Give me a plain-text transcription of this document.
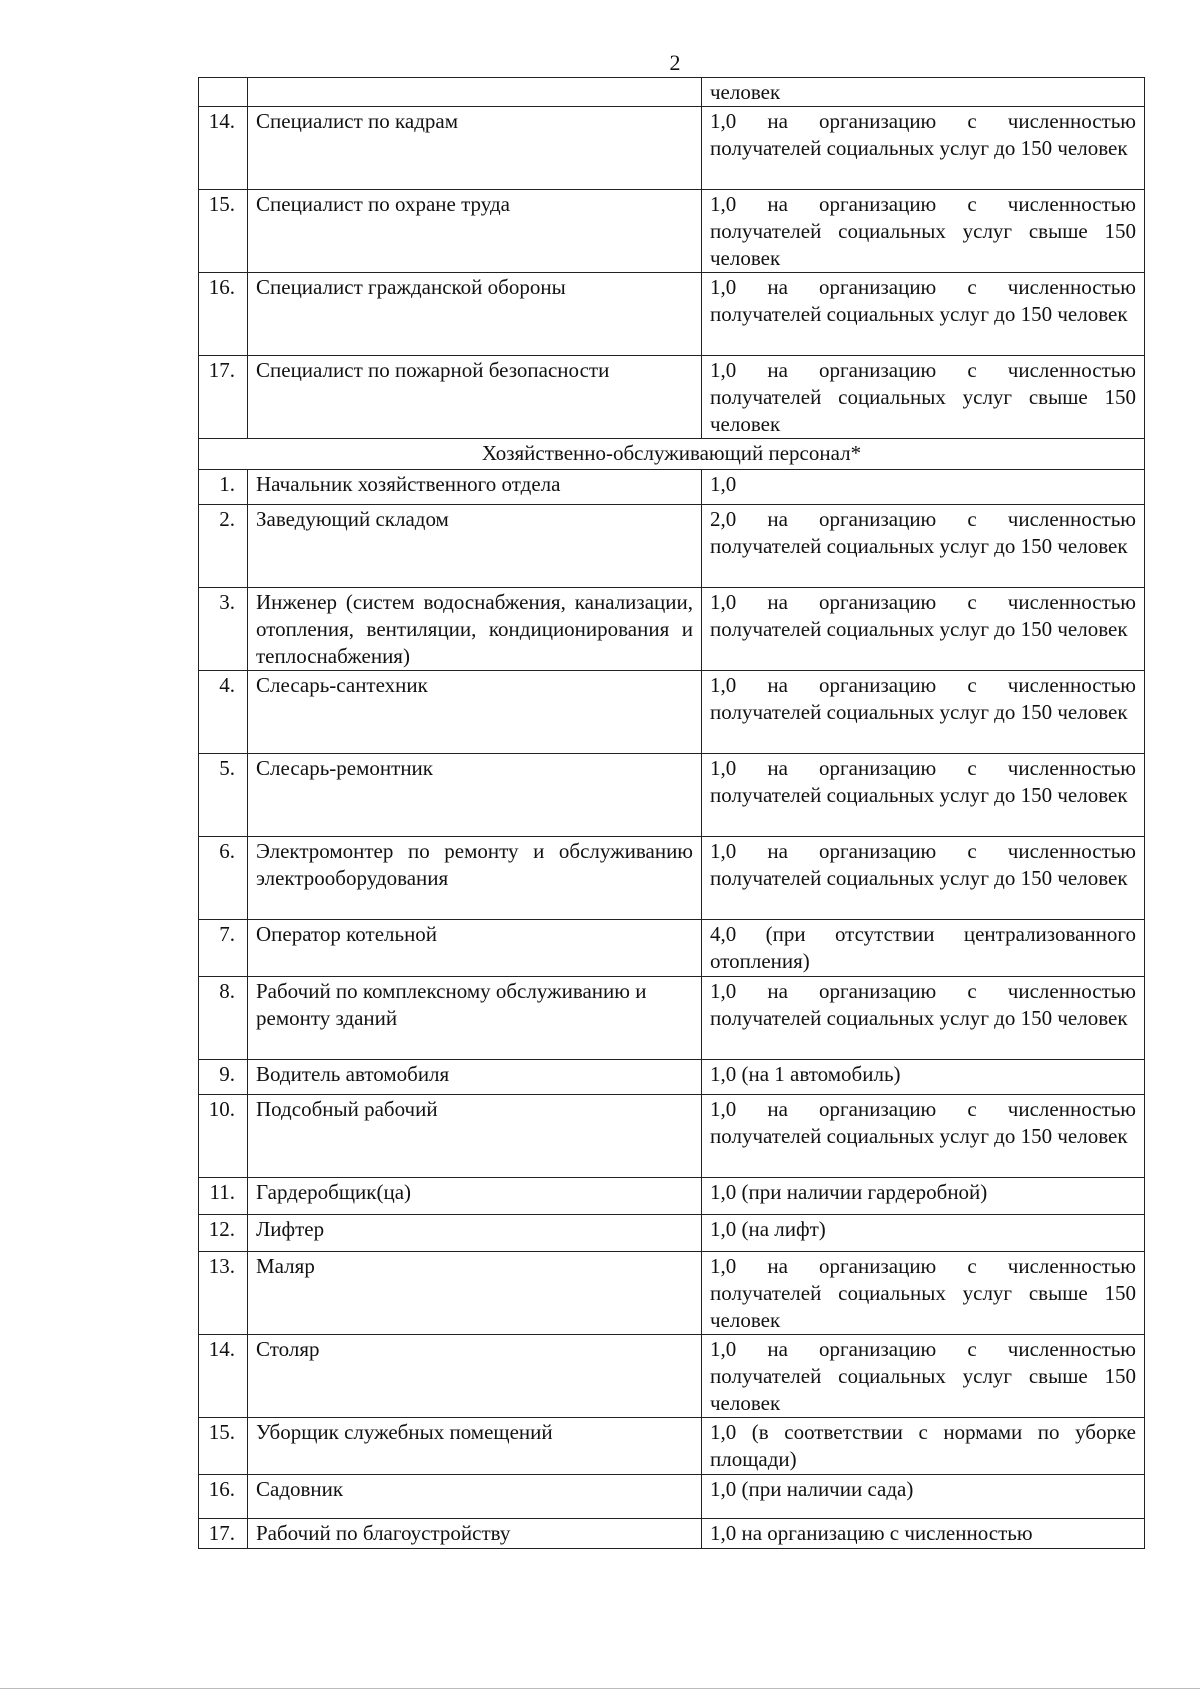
2
		человек
14.	Специалист по кадрам	1,0 на организацию с численностью получателей социальных услуг до 150 человек
15.	Специалист по охране труда	1,0 на организацию с численностью получателей социальных услуг свыше 150 человек
16.	Специалист гражданской обороны	1,0 на организацию с численностью получателей социальных услуг до 150 человек
17.	Специалист по пожарной безопасности	1,0 на организацию с численностью получателей социальных услуг свыше 150 человек
Хозяйственно-обслуживающий персонал*		
1.	Начальник хозяйственного отдела	1,0
2.	Заведующий складом	2,0 на организацию с численностью получателей социальных услуг до 150 человек
3.	Инженер (систем водоснабжения, канализации, отопления, вентиляции, кондиционирования и теплоснабжения)	1,0 на организацию с численностью получателей социальных услуг до 150 человек
4.	Слесарь-сантехник	1,0 на организацию с численностью получателей социальных услуг до 150 человек
5.	Слесарь-ремонтник	1,0 на организацию с численностью получателей социальных услуг до 150 человек
6.	Электромонтер по ремонту и обслуживанию электрооборудования	1,0 на организацию с численностью получателей социальных услуг до 150 человек
7.	Оператор котельной	4,0 (при отсутствии централизованного отопления)
8.	Рабочий по комплексному обслуживанию и ремонту зданий	1,0 на организацию с численностью получателей социальных услуг до 150 человек
9.	Водитель автомобиля	1,0 (на 1 автомобиль)
10.	Подсобный рабочий	1,0 на организацию с численностью получателей социальных услуг до 150 человек
11.	Гардеробщик(ца)	1,0 (при наличии гардеробной)
12.	Лифтер	1,0 (на лифт)
13.	Маляр	1,0 на организацию с численностью получателей социальных услуг свыше 150 человек
14.	Столяр	1,0 на организацию с численностью получателей социальных услуг свыше 150 человек
15.	Уборщик служебных помещений	1,0 (в соответствии с нормами по уборке площади)
16.	Садовник	1,0 (при наличии сада)
17.	Рабочий по благоустройству	1,0 на организацию с численностью
